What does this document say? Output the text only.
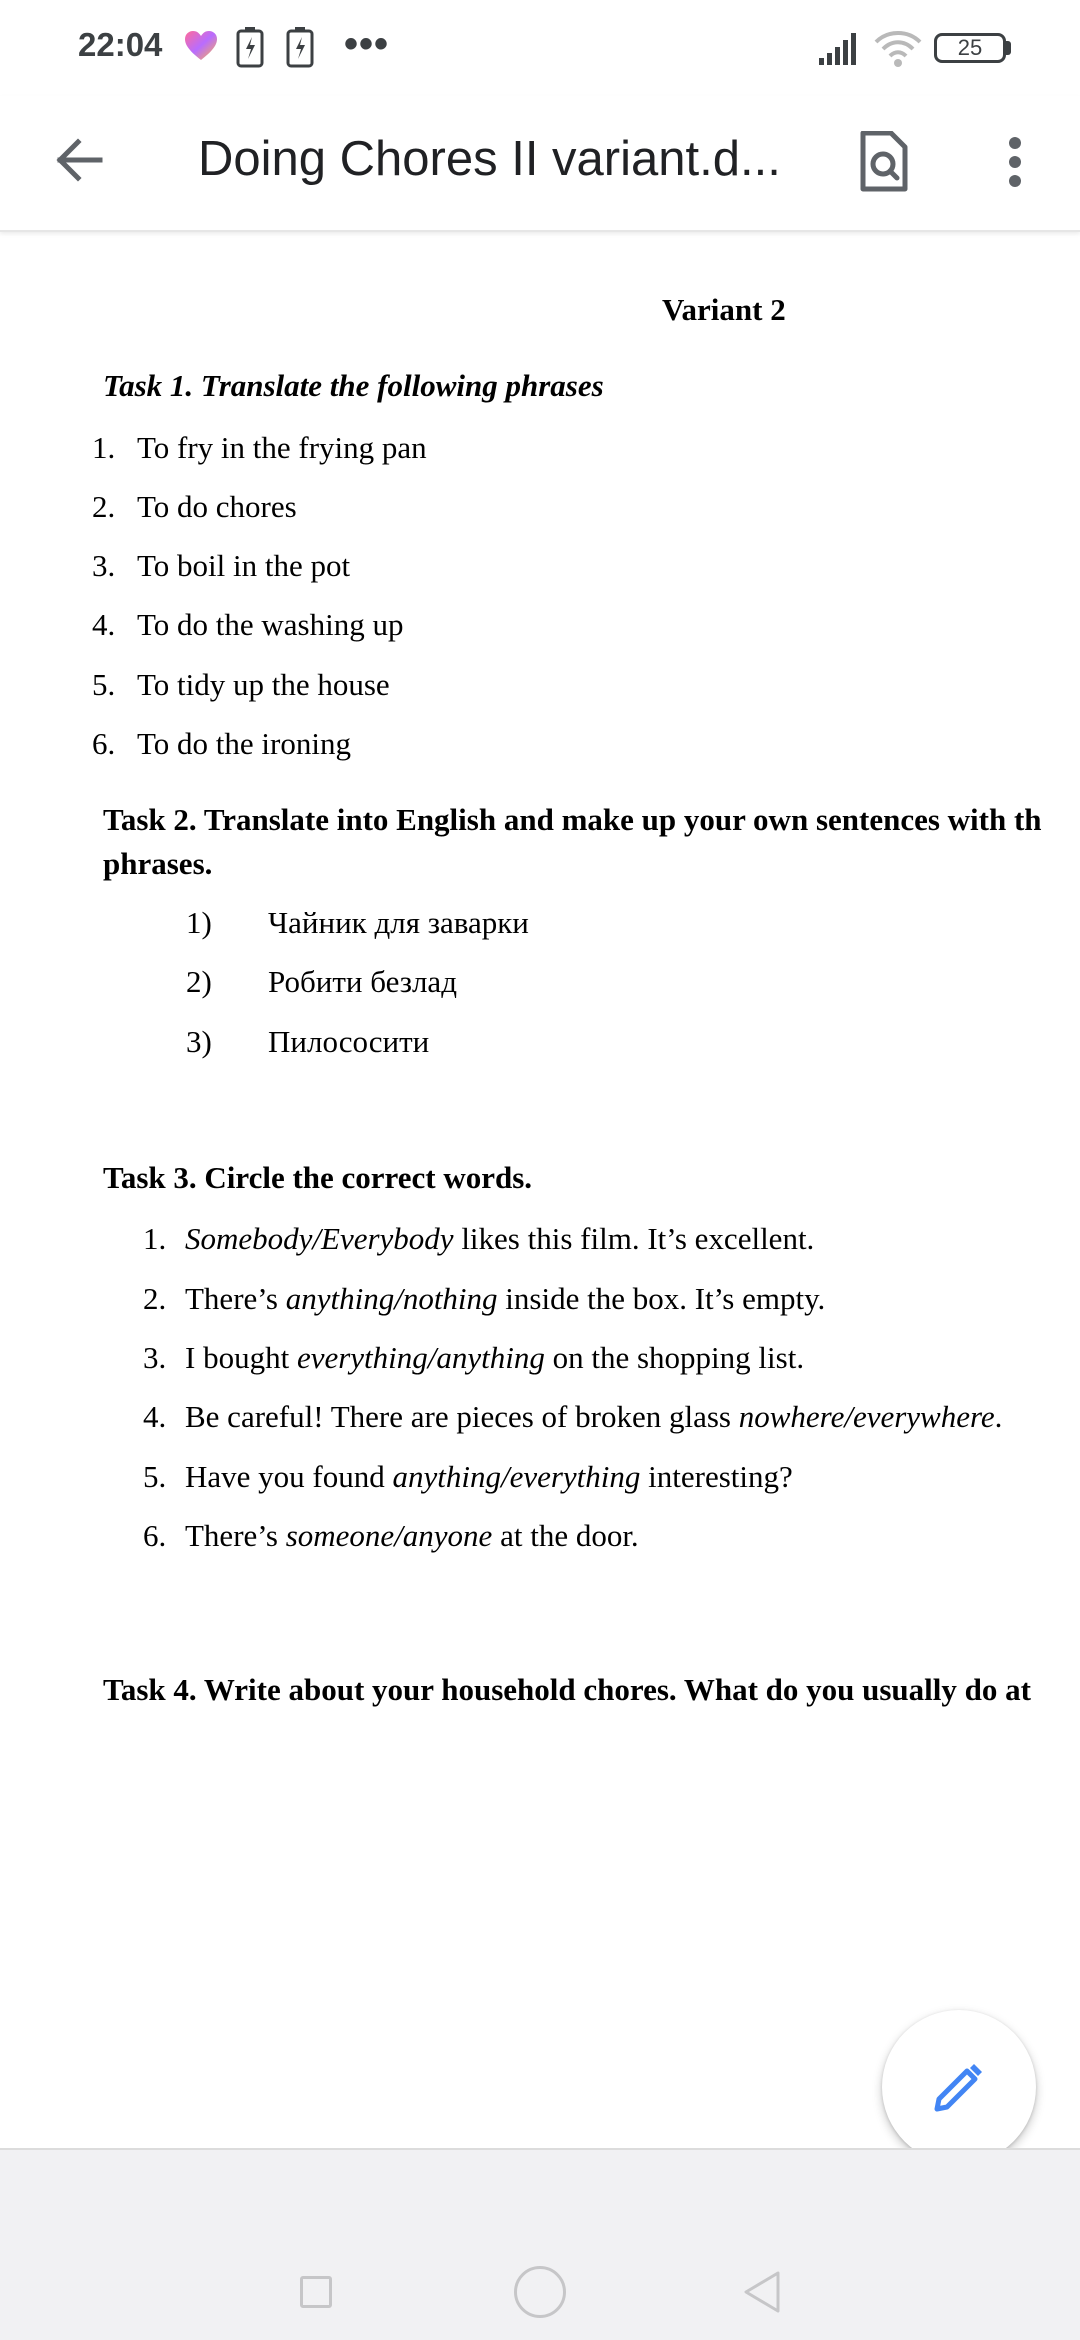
22:04	•••	25
Doing Chores II variant.d...
Variant 2
Task 1. Translate the following phrases
1. To fry in the frying pan
2. To do chores
3. To boil in the pot
4. To do the washing up
5. To tidy up the house
6. To do the ironing
Task 2. Translate into English and make up your own sentences with th
phrases.
1) Чайник для заварки
2) Робити безлад
3) Пилососити
Task 3. Circle the correct words.
1. Somebody/Everybody likes this film. It’s excellent.
2. There’s anything/nothing inside the box. It’s empty.
3. I bought everything/anything on the shopping list.
4. Be careful! There are pieces of broken glass nowhere/everywhere.
5. Have you found anything/everything interesting?
6. There’s someone/anyone at the door.
Task 4. Write about your household chores. What do you usually do at
